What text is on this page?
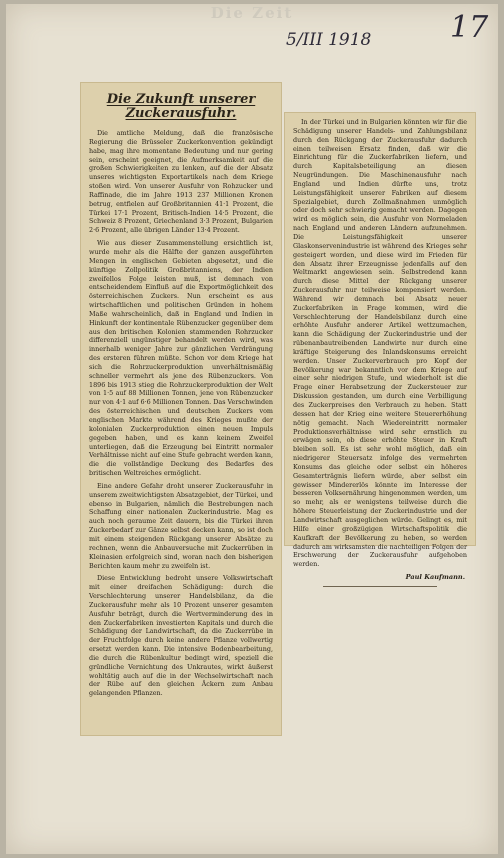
Die Zeit
5/III 1918	17
Die Zukunft unserer Zuckerausfuhr.

Die amtliche Meldung, daß die französische Regierung die Brüsseler Zuckerkonvention gekündigt habe, mag ihre momentane Bedeutung und nur gering sein, erscheint geeignet, die Aufmerksamkeit auf die großen Schwierigkeiten zu lenken, auf die der Absatz unseres wichtigsten Exportartikels nach dem Kriege stoßen wird. Von unserer Ausfuhr von Rohzucker und Raffinade, die im Jahre 1913 237 Millionen Kronen betrug, entfielen auf Großbritannien 41·1 Prozent, die Türkei 17·1 Prozent, Britisch-Indien 14·5 Prozent, die Schweiz 8 Prozent, Griechenland 3·3 Prozent, Bulgarien 2·6 Prozent, alle übrigen Länder 13·4 Prozent.

Wie aus dieser Zusammenstellung ersichtlich ist, wurde mehr als die Hälfte der ganzen ausgeführten Mengen in englischen Gebieten abgesetzt, und die künftige Zollpolitik Großbritanniens, der Indien zweifellos Folge leisten muß, ist demnach von entscheidendem Einfluß auf die Exportmöglichkeit des österreichischen Zuckers. Nun erscheint es aus wirtschaftlichen und politischen Gründen in hohem Maße wahrscheinlich, daß in England und Indien in Hinkunft der kontinentale Rübenzucker gegenüber dem aus den britischen Kolonien stammenden Rohrzucker differenziell ungünstiger behandelt werden wird, was innerhalb weniger Jahre zur gänzlichen Verdrängung des ersteren führen müßte. Schon vor dem Kriege hat sich die Rohrzuckerproduktion unverhältnismäßig schneller vermehrt als jene des Rübenzuckers. Von 1896 bis 1913 stieg die Rohrzuckerproduktion der Welt von 1·5 auf 88 Millionen Tonnen, jene von Rübenzucker nur von 4·1 auf 6·6 Millionen Tonnen. Das Verschwinden des österreichischen und deutschen Zuckers vom englischen Markte während des Krieges mußte der kolonialen Zuckerproduktion einen neuen Impuls gegeben haben, und es kann keinem Zweifel unterliegen, daß die Erzeugung bei Eintritt normaler Verhältnisse nicht auf eine Stufe gebracht werden kann, die die vollständige Deckung des Bedarfes des britischen Weltreiches ermöglicht.

Eine andere Gefahr droht unserer Zuckerausfuhr in unserem zweitwichtigsten Absatzgebiet, der Türkei, und ebenso in Bulgarien, nämlich die Bestrebungen nach Schaffung einer nationalen Zuckerindustrie. Mag es auch noch geraume Zeit dauern, bis die Türkei ihren Zuckerbedarf zur Gänze selbst decken kann, so ist doch mit einem steigenden Rückgang unserer Absätze zu rechnen, wenn die Anbauversuche mit Zuckerrüben in Kleinasien erfolgreich sind, woran nach den bisherigen Berichten kaum mehr zu zweifeln ist.

Diese Entwicklung bedroht unsere Volkswirtschaft mit einer dreifachen Schädigung: durch die Verschlechterung unserer Handelsbilanz, da die Zuckerausfuhr mehr als 10 Prozent unserer gesamten Ausfuhr beträgt, durch die Wertverminderung des in den Zuckerfabriken investierten Kapitals und durch die Schädigung der Landwirtschaft, da die Zuckerrübe in der Fruchtfolge durch keine andere Pflanze vollwertig ersetzt werden kann. Die intensive Bodenbearbeitung, die durch die Rübenkultur bedingt wird, speziell die gründliche Vernichtung des Unkrautes, wirkt äußerst wohltätig auch auf die in der Wechselwirtschaft nach der Rübe auf den gleichen Äckern zum Anbau gelangenden Pflanzen.

In der Türkei und in Bulgarien könnten wir für die Schädigung unserer Handels- und Zahlungsbilanz durch den Rückgang der Zuckerausfuhr dadurch einen teilweisen Ersatz finden, daß wir die Einrichtung für die Zuckerfabriken liefern, und durch Kapitalsbeteiligung an diesen Neugründungen. Die Maschinenausfuhr nach England und Indien dürfte uns, trotz Leistungsfähigkeit unserer Fabriken auf diesem Spezialgebiet, durch Zollmaßnahmen unmöglich oder doch sehr schwierig gemacht werden. Dagegen wird es möglich sein, die Ausfuhr von Normeladen nach England und anderen Ländern aufzunehmen. Die Leistungsfähigkeit unserer Glaskonservenindustrie ist während des Krieges sehr gesteigert worden, und diese wird im Frieden für den Absatz ihrer Erzeugnisse jedenfalls auf den Weltmarkt angewiesen sein. Selbstredend kann durch diese Mittel der Rückgang unserer Zuckerausfuhr nur teilweise kompensiert werden. Während wir demnach bei Absatz neuer Zuckerfabriken in Frage kommen, wird die Verschlechterung der Handelsbilanz durch eine erhöhte Ausfuhr anderer Artikel wettzumachen, kann die Schädigung der Zuckerindustrie und der rübenanbautreibenden Landwirte nur durch eine kräftige Steigerung des Inlandskonsums erreicht werden. Unser Zuckerverbrauch pro Kopf der Bevölkerung war bekanntlich vor dem Kriege auf einer sehr niedrigen Stufe, und wiederholt ist die Frage einer Herabsetzung der Zuckersteuer zur Diskussion gestanden, um durch eine Verbilligung des Zuckerpreises den Verbrauch zu heben. Statt dessen hat der Krieg eine weitere Steuererhöhung nötig gemacht. Nach Wiedereintritt normaler Produktionsverhältnisse wird sehr ernstlich zu erwägen sein, ob diese erhöhte Steuer in Kraft bleiben soll. Es ist sehr wohl möglich, daß ein niedrigerer Steuersatz infolge des vermehrten Konsums das gleiche oder selbst ein höheres Gesamterträgnis liefern würde, aber selbst ein gewisser Mindererlös könnte im Interesse der besseren Volksernährung hingenommen werden, um so mehr, als er wenigstens teilweise durch die höhere Steuerleistung der Zuckerindustrie und der Landwirtschaft ausgeglichen würde. Gelingt es, mit Hilfe einer großzügigen Wirtschaftspolitik die Kaufkraft der Bevölkerung zu heben, so werden dadurch am wirksamsten die nachteiligen Folgen der Erschwerung der Zuckerausfuhr aufgehoben werden.

Paul Kaufmann.
